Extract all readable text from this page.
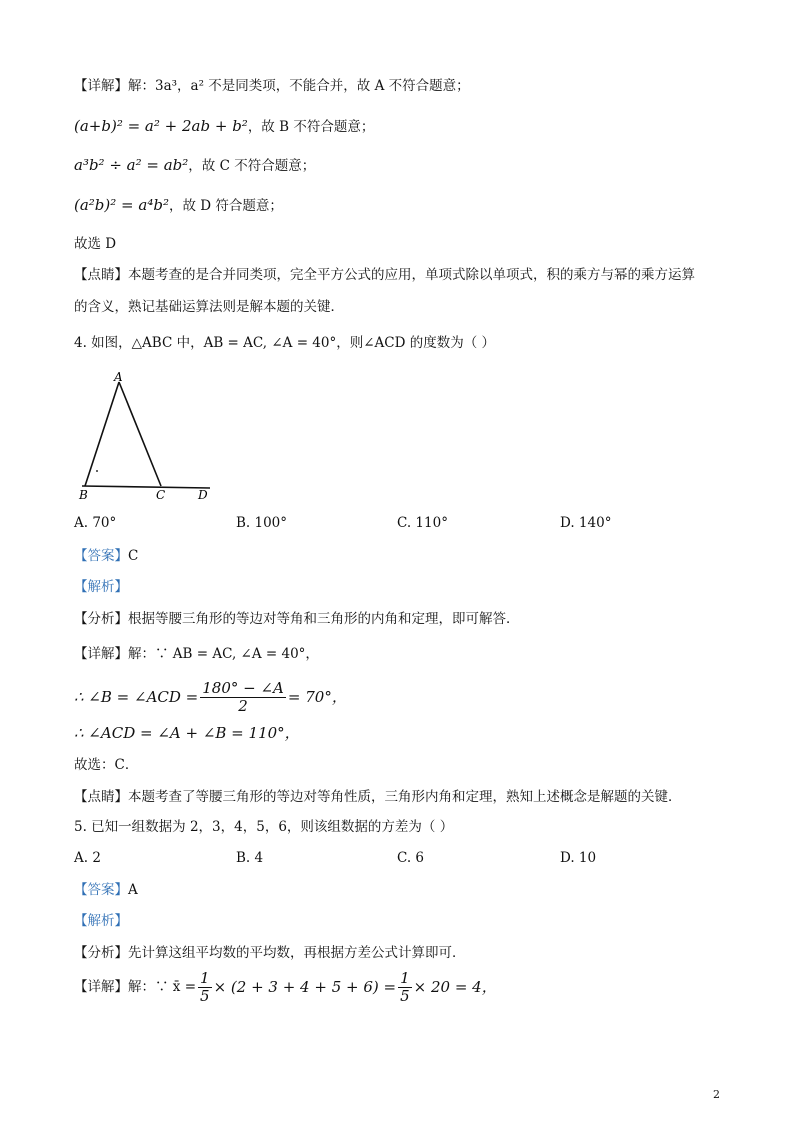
【详解】解：3a³，a² 不是同类项，不能合并，故 A 不符合题意；
(a+b)² = a² + 2ab + b²，故 B 不符合题意；
a³b² ÷ a² = ab²，故 C 不符合题意；
(a²b)² = a⁴b²，故 D 符合题意；
故选 D
【点睛】本题考查的是合并同类项，完全平方公式的应用，单项式除以单项式，积的乘方与幂的乘方运算
的含义，熟记基础运算法则是解本题的关键．
4. 如图，△ABC 中，AB = AC, ∠A = 40°，则∠ACD 的度数为（ ）
A
B	C	D
A. 70°	B. 100°	C. 110°	D. 140°
【答案】C
【解析】
【分析】根据等腰三角形的等边对等角和三角形的内角和定理，即可解答．
【详解】解：∵ AB = AC, ∠A = 40°，
∴ ∠B = ∠ACD = $\frac{180^\circ - \angle A}{2} = 70^\circ$，
∴ ∠ACD = ∠A + ∠B = 110°，
故选：C．
【点睛】本题考查了等腰三角形的等边对等角性质，三角形内角和定理，熟知上述概念是解题的关键．
5. 已知一组数据为 2，3，4，5，6，则该组数据的方差为（ ）
A. 2	B. 4	C. 6	D. 10
【答案】A
【解析】
【分析】先计算这组平均数的平均数，再根据方差公式计算即可．
【详解】解：∵ x̄ = $\frac{1}{5} \times (2 + 3 + 4 + 5 + 6) = \frac{1}{5} \times 20 = 4$，
2
